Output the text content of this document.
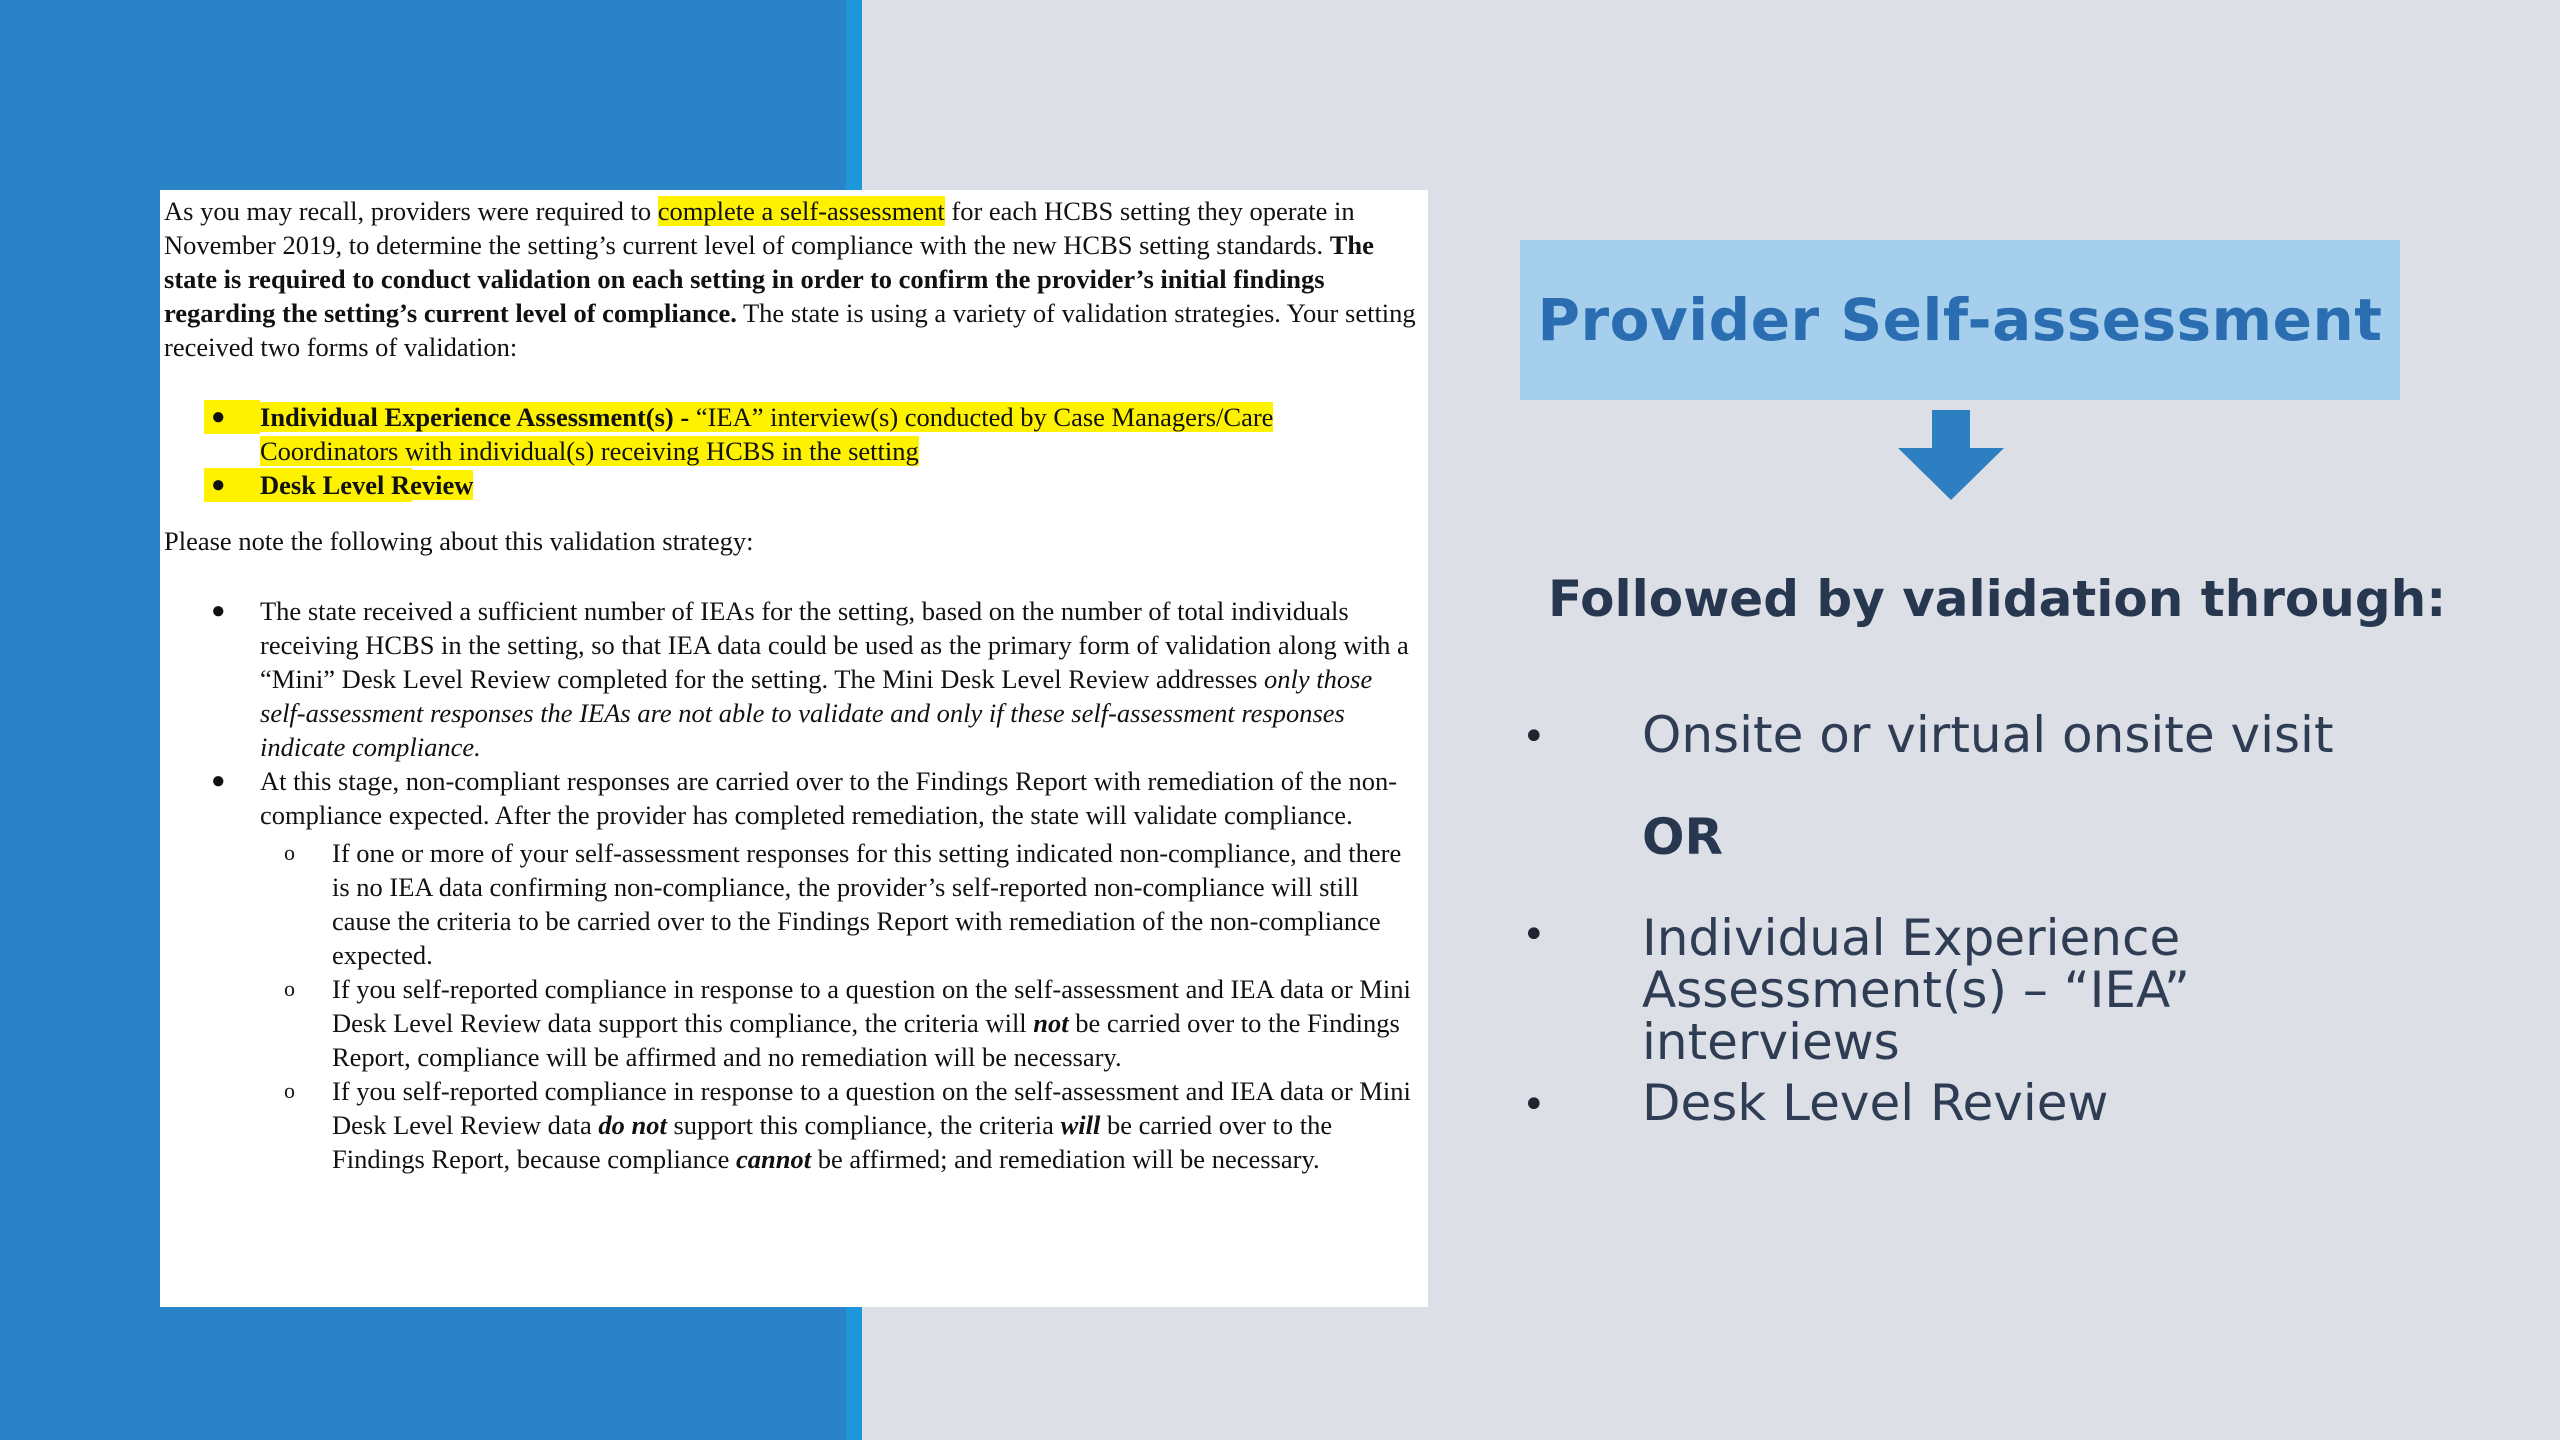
As you may recall, providers were required to complete a self-assessment for each HCBS setting they operate in November 2019, to determine the setting’s current level of compliance with the new HCBS setting standards. The state is required to conduct validation on each setting in order to confirm the provider’s initial findings regarding the setting’s current level of compliance. The state is using a variety of validation strategies. Your setting received two forms of validation:

● Individual Experience Assessment(s) - “IEA” interview(s) conducted by Case Managers/Care Coordinators with individual(s) receiving HCBS in the setting
● Desk Level Review

Please note the following about this validation strategy:

● The state received a sufficient number of IEAs for the setting, based on the number of total individuals receiving HCBS in the setting, so that IEA data could be used as the primary form of validation along with a “Mini” Desk Level Review completed for the setting. The Mini Desk Level Review addresses only those self-assessment responses the IEAs are not able to validate and only if these self-assessment responses indicate compliance.
● At this stage, non-compliant responses are carried over to the Findings Report with remediation of the non-compliance expected. After the provider has completed remediation, the state will validate compliance.
o If one or more of your self-assessment responses for this setting indicated non-compliance, and there is no IEA data confirming non-compliance, the provider’s self-reported non-compliance will still cause the criteria to be carried over to the Findings Report with remediation of the non-compliance expected.
o If you self-reported compliance in response to a question on the self-assessment and IEA data or Mini Desk Level Review data support this compliance, the criteria will not be carried over to the Findings Report, compliance will be affirmed and no remediation will be necessary.
o If you self-reported compliance in response to a question on the self-assessment and IEA data or Mini Desk Level Review data do not support this compliance, the criteria will be carried over to the Findings Report, because compliance cannot be affirmed; and remediation will be necessary.
Provider Self-assessment
Followed by validation through:
• Onsite or virtual onsite visit
OR
• Individual Experience
Assessment(s) – “IEA”
interviews
• Desk Level Review
